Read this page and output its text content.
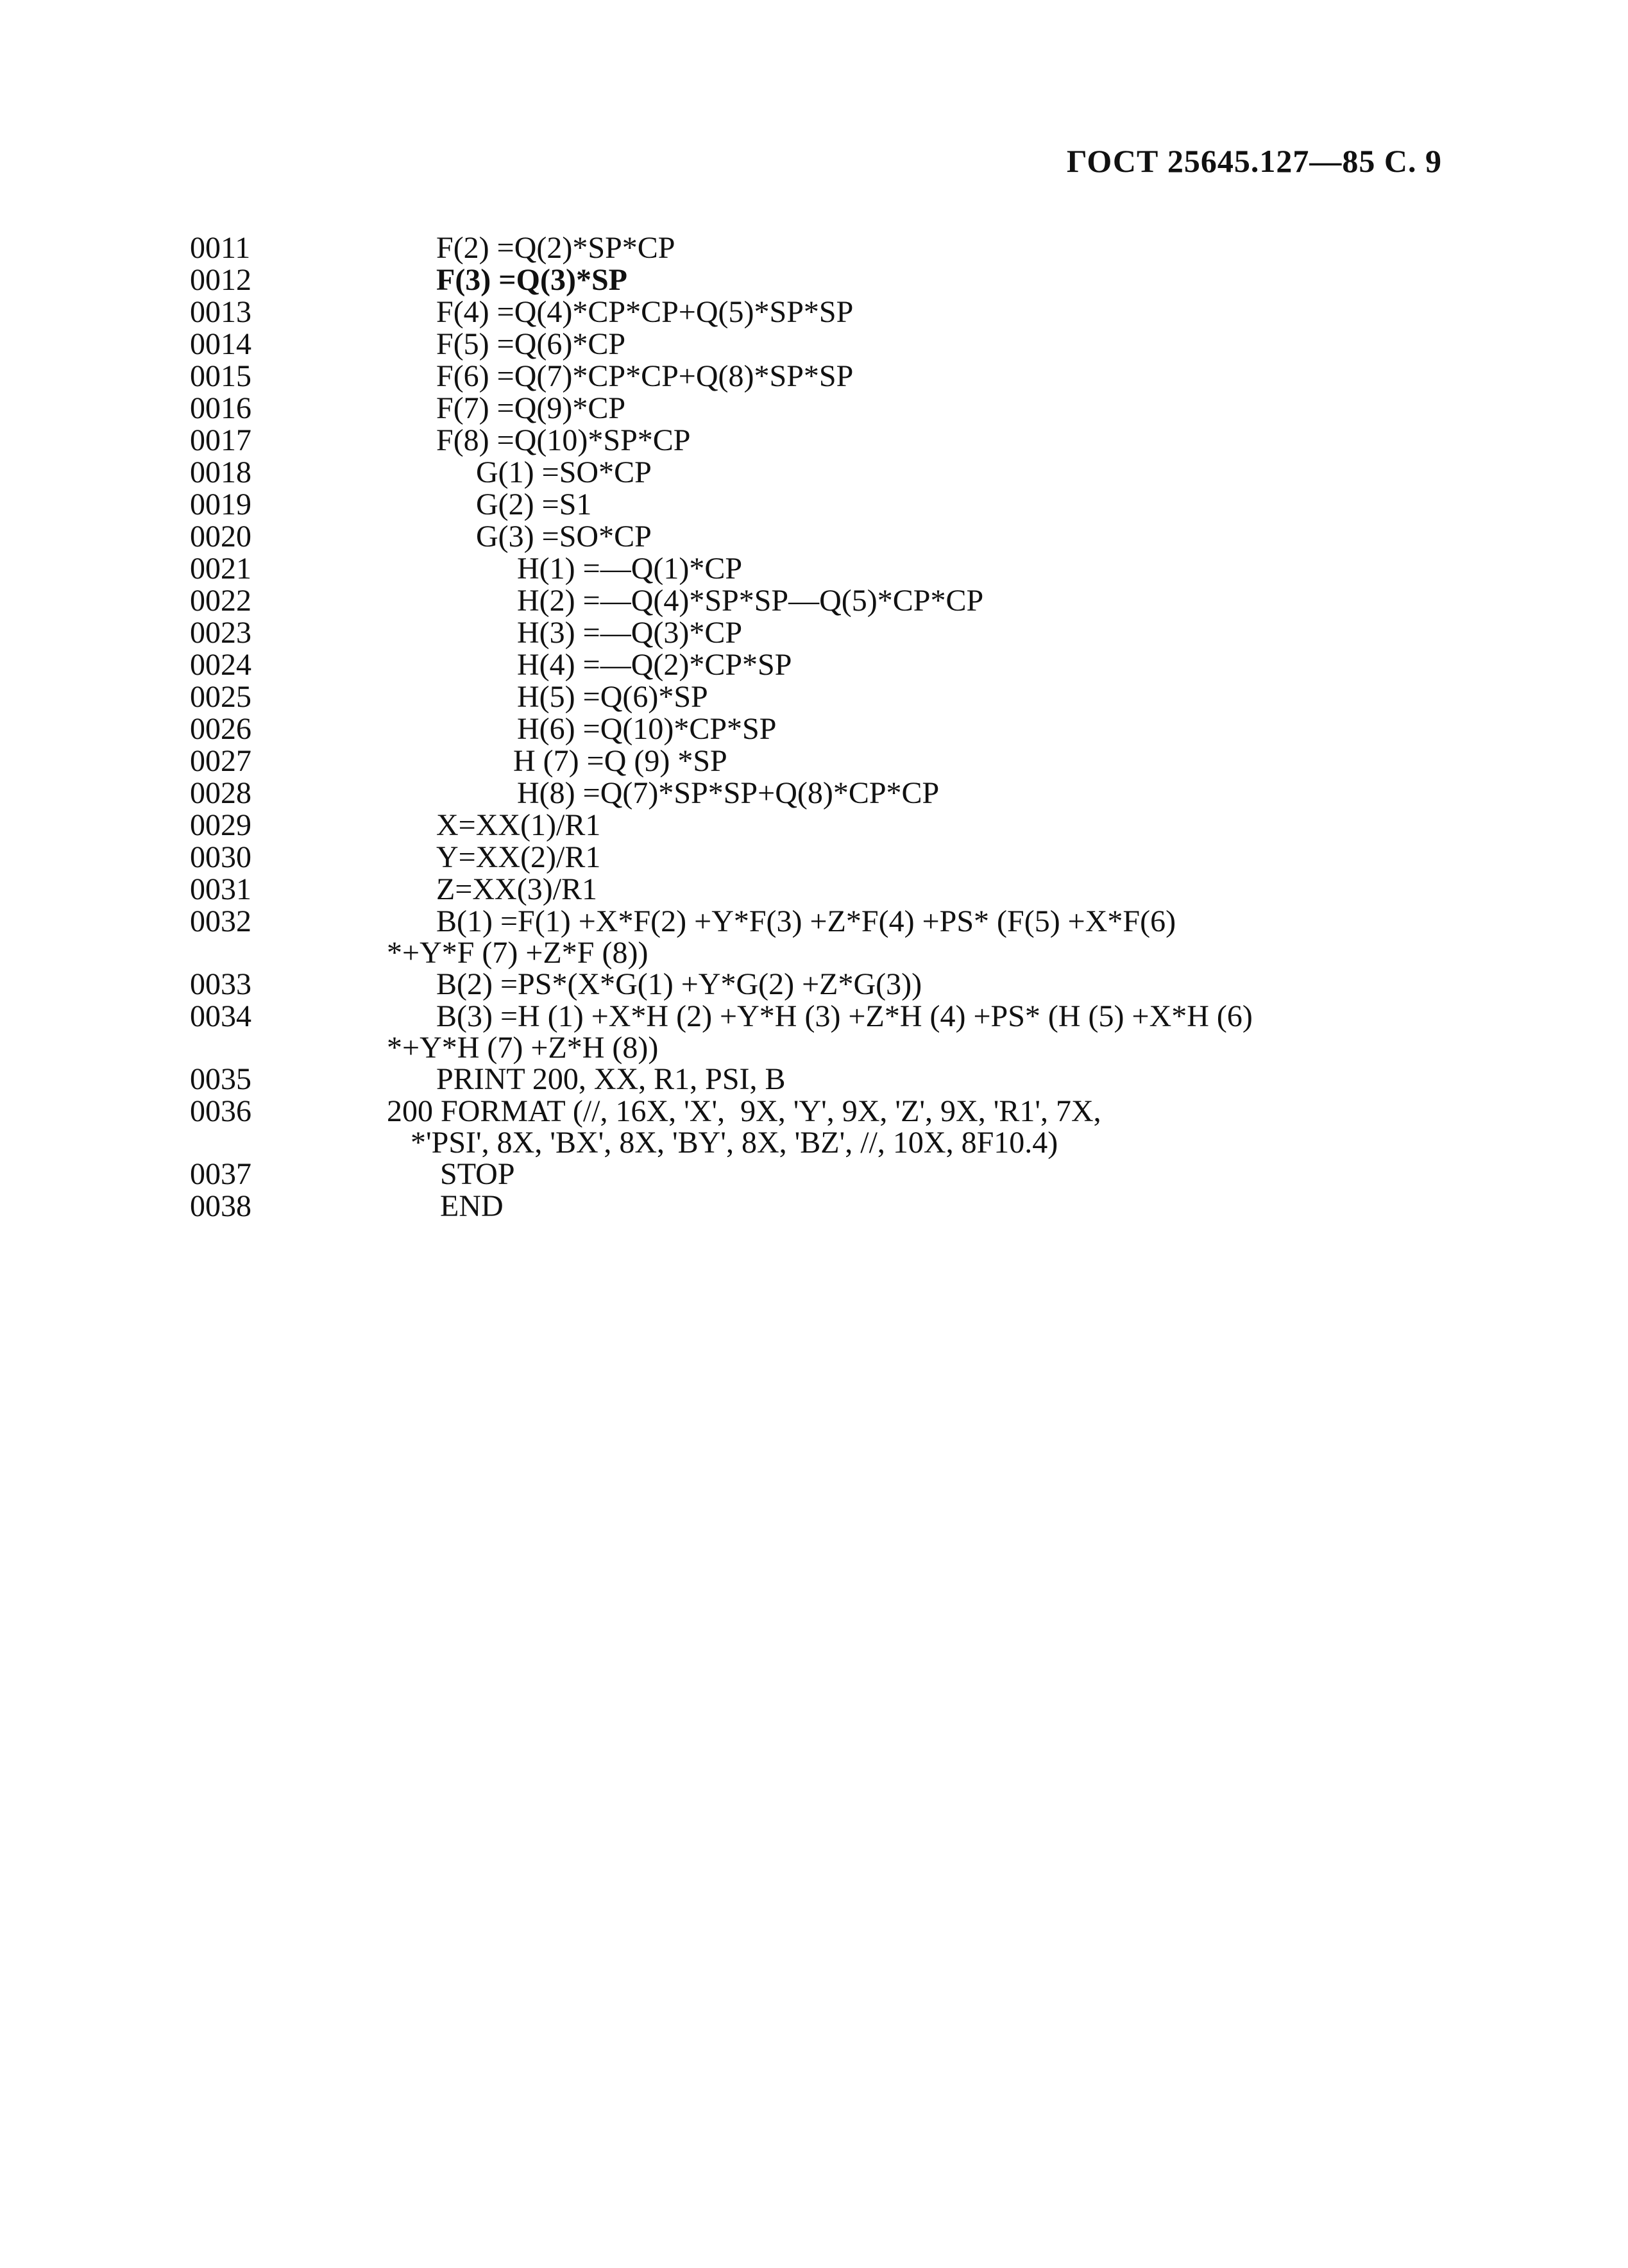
ГОСТ 25645.127—85 С. 9
0011	F(2) =Q(2)*SP*CP
0012	F(3) =Q(3)*SP
0013	F(4) =Q(4)*CP*CP+Q(5)*SP*SP
0014	F(5) =Q(6)*CP
0015	F(6) =Q(7)*CP*CP+Q(8)*SP*SP
0016	F(7) =Q(9)*CP
0017	F(8) =Q(10)*SP*CP
0018	G(1) =SO*CP
0019	G(2) =S1
0020	G(3) =SO*CP
0021	H(1) =—Q(1)*CP
0022	H(2) =—Q(4)*SP*SP—Q(5)*CP*CP
0023	H(3) =—Q(3)*CP
0024	H(4) =—Q(2)*CP*SP
0025	H(5) =Q(6)*SP
0026	H(6) =Q(10)*CP*SP
0027	H (7) =Q (9) *SP
0028	H(8) =Q(7)*SP*SP+Q(8)*CP*CP
0029	X=XX(1)/R1
0030	Y=XX(2)/R1
0031	Z=XX(3)/R1
0032	B(1) =F(1) +X*F(2) +Y*F(3) +Z*F(4) +PS* (F(5) +X*F(6)
*+Y*F (7) +Z*F (8))
0033	B(2) =PS*(X*G(1) +Y*G(2) +Z*G(3))
0034	B(3) =H (1) +X*H (2) +Y*H (3) +Z*H (4) +PS* (H (5) +X*H (6)
*+Y*H (7) +Z*H (8))
0035	PRINT 200, XX, R1, PSI, B
0036	200 FORMAT (//, 16X, 'X',  9X, 'Y', 9X, 'Z', 9X, 'R1', 7X,
*'PSI', 8X, 'BX', 8X, 'BY', 8X, 'BZ', //, 10X, 8F10.4)
0037	STOP
0038	END
